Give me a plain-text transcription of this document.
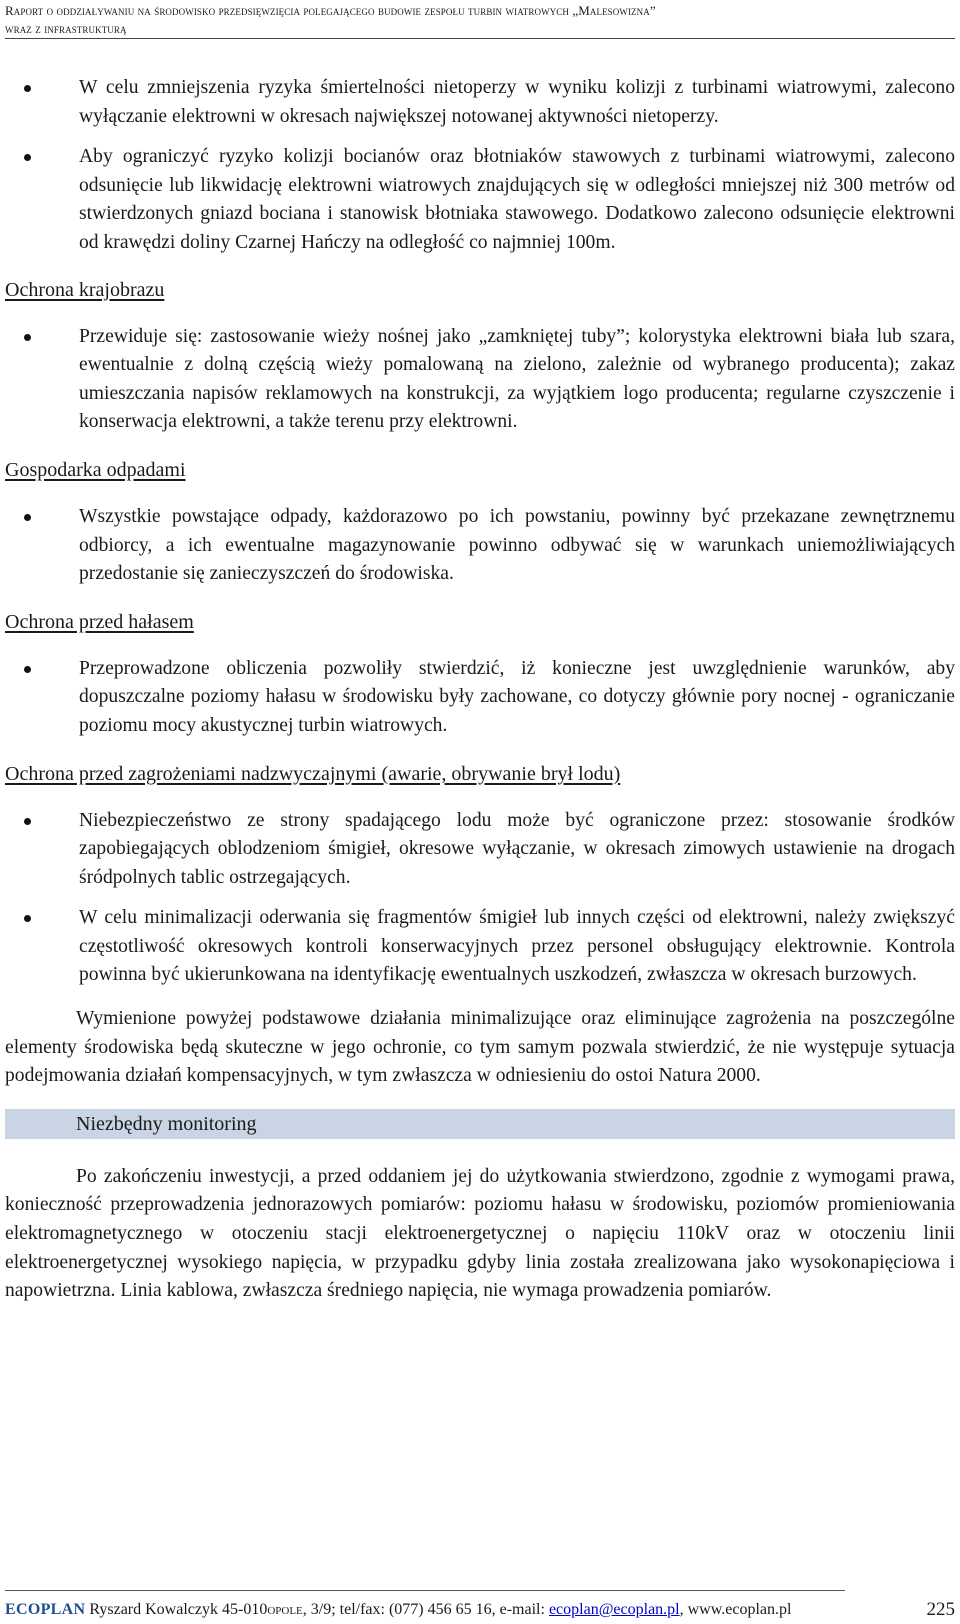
Raport o oddziaływaniu na środowisko przedsięwzięcia polegającego budowie zespołu turbin wiatrowych „Malesowizna”
wraz z infrastrukturą
W celu zmniejszenia ryzyka śmiertelności nietoperzy w wyniku kolizji z turbinami wiatrowymi, zalecono wyłączanie elektrowni w okresach największej notowanej aktywności nietoperzy.
Aby ograniczyć ryzyko kolizji bocianów oraz błotniaków stawowych z turbinami wiatrowymi, zalecono odsunięcie lub likwidację elektrowni wiatrowych znajdujących się w odległości mniejszej niż 300 metrów od stwierdzonych gniazd bociana i stanowisk błotniaka stawowego. Dodatkowo zalecono odsunięcie elektrowni od krawędzi doliny Czarnej Hańczy na odległość co najmniej 100m.
Ochrona krajobrazu
Przewiduje się: zastosowanie wieży nośnej jako „zamkniętej tuby”; kolorystyka elektrowni biała lub szara, ewentualnie z dolną częścią wieży pomalowaną na zielono, zależnie od wybranego producenta); zakaz umieszczania napisów reklamowych na konstrukcji, za wyjątkiem logo producenta; regularne czyszczenie i konserwacja elektrowni, a także terenu przy elektrowni.
Gospodarka odpadami
Wszystkie powstające odpady, każdorazowo po ich powstaniu, powinny być przekazane zewnętrznemu odbiorcy, a ich ewentualne magazynowanie powinno odbywać się w warunkach uniemożliwiających przedostanie się zanieczyszczeń do środowiska.
Ochrona przed hałasem
Przeprowadzone obliczenia pozwoliły stwierdzić, iż konieczne jest uwzględnienie warunków, aby dopuszczalne poziomy hałasu w środowisku były zachowane, co dotyczy głównie pory nocnej - ograniczanie poziomu mocy akustycznej turbin wiatrowych.
Ochrona przed zagrożeniami nadzwyczajnymi (awarie, obrywanie brył lodu)
Niebezpieczeństwo ze strony spadającego lodu może być ograniczone przez: stosowanie środków zapobiegających oblodzeniom śmigieł, okresowe wyłączanie, w okresach zimowych ustawienie na drogach śródpolnych tablic ostrzegających.
W celu minimalizacji oderwania się fragmentów śmigieł lub innych części od elektrowni, należy zwiększyć częstotliwość okresowych kontroli konserwacyjnych przez personel obsługujący elektrownie. Kontrola powinna być ukierunkowana na identyfikację ewentualnych uszkodzeń, zwłaszcza w okresach burzowych.

Wymienione powyżej podstawowe działania minimalizujące oraz eliminujące zagrożenia na poszczególne elementy środowiska będą skuteczne w jego ochronie, co tym samym pozwala stwierdzić, że nie występuje sytuacja podejmowania działań kompensacyjnych, w tym zwłaszcza w odniesieniu do ostoi Natura 2000.

Niezbędny monitoring

Po zakończeniu inwestycji, a przed oddaniem jej do użytkowania stwierdzono, zgodnie z wymogami prawa, konieczność przeprowadzenia jednorazowych pomiarów: poziomu hałasu w środowisku, poziomów promieniowania elektromagnetycznego w otoczeniu stacji elektroenergetycznej o napięciu 110kV oraz w otoczeniu linii elektroenergetycznej wysokiego napięcia, w przypadku gdyby linia została zrealizowana jako wysokonapięciowa i napowietrzna. Linia kablowa, zwłaszcza średniego napięcia, nie wymaga prowadzenia pomiarów.

ECOPLAN Ryszard Kowalczyk 45-010opole, 3/9; tel/fax: (077) 456 65 16, e-mail: ecoplan@ecoplan.pl, www.ecoplan.pl	225
